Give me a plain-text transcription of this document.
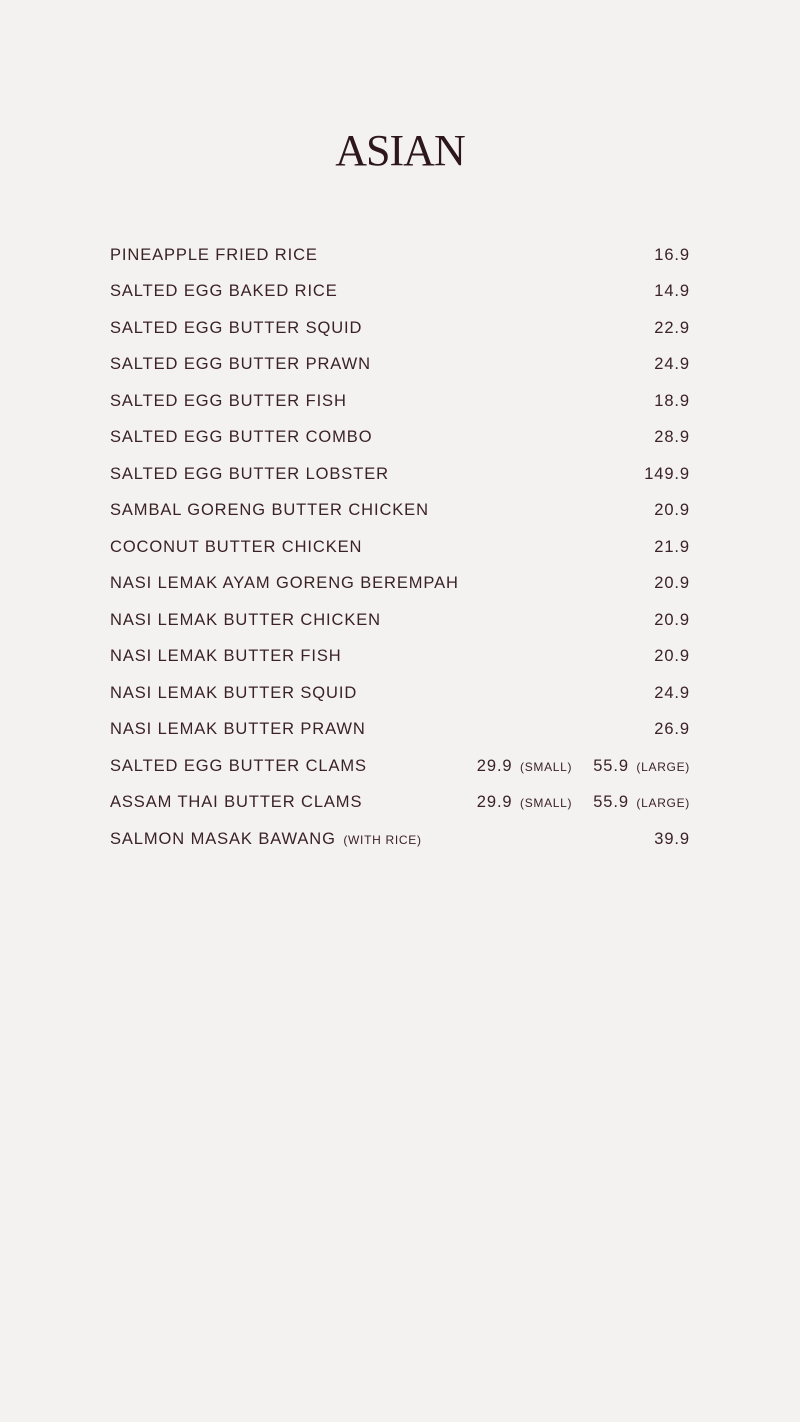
ASIAN
PINEAPPLE FRIED RICE	16.9
SALTED EGG BAKED RICE	14.9
SALTED EGG BUTTER SQUID	22.9
SALTED EGG BUTTER PRAWN	24.9
SALTED EGG BUTTER FISH	18.9
SALTED EGG BUTTER COMBO	28.9
SALTED EGG BUTTER LOBSTER	149.9
SAMBAL GORENG BUTTER CHICKEN	20.9
COCONUT BUTTER CHICKEN	21.9
NASI LEMAK AYAM GORENG BEREMPAH	20.9
NASI LEMAK BUTTER CHICKEN	20.9
NASI LEMAK BUTTER FISH	20.9
NASI LEMAK BUTTER SQUID	24.9
NASI LEMAK BUTTER PRAWN	26.9
SALTED EGG BUTTER CLAMS	29.9 (SMALL) 55.9 (LARGE)
ASSAM THAI BUTTER CLAMS	29.9 (SMALL) 55.9 (LARGE)
SALMON MASAK BAWANG (WITH RICE)	39.9
